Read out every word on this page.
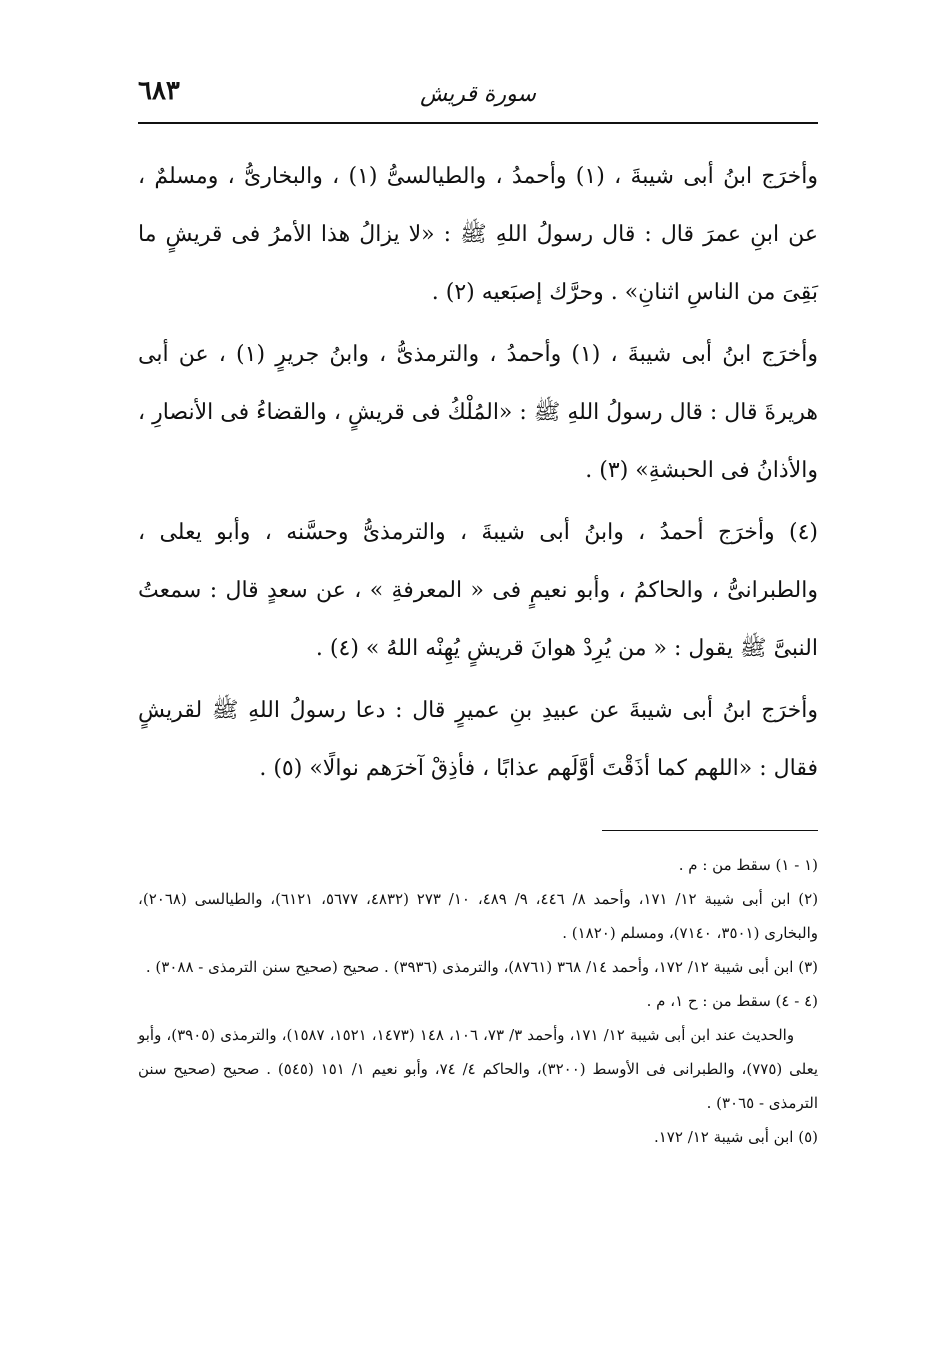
٦٨٣	سورة قريش

وأخرَج ابنُ أبى شيبةَ ، (١) وأحمدُ ، والطيالسىُّ (١) ، والبخارىُّ ، ومسلمٌ ، عن ابنِ عمرَ قال : قال رسولُ اللهِ ﷺ : «لا يزالُ هذا الأمرُ فى قريشٍ ما بَقِىَ من الناسِ اثنانِ» . وحرَّك إصبَعيه (٢) .

وأخرَج ابنُ أبى شيبةَ ، (١) وأحمدُ ، والترمذىُّ ، وابنُ جريرٍ (١) ، عن أبى هريرةَ قال : قال رسولُ اللهِ ﷺ : «المُلْكُ فى قريشٍ ، والقضاءُ فى الأنصارِ ، والأذانُ فى الحبشةِ» (٣) .

(٤) وأخرَج أحمدُ ، وابنُ أبى شيبةَ ، والترمذىُّ وحسَّنه ، وأبو يعلى ، والطبرانىُّ ، والحاكمُ ، وأبو نعيمٍ فى « المعرفةِ » ، عن سعدٍ قال : سمعتُ النبىَّ ﷺ يقول : « من يُرِدْ هوانَ قريشٍ يُهِنْه اللهُ » (٤) .

وأخرَج ابنُ أبى شيبةَ عن عبيدِ بنِ عميرٍ قال : دعا رسولُ اللهِ ﷺ لقريشٍ فقال : «اللهم كما أذَقْتَ أوَّلَهم عذابًا ، فأذِقْ آخرَهم نوالًا» (٥) .

(١ - ١) سقط من : م .

(٢) ابن أبى شيبة ١٢/ ١٧١، وأحمد ٨/ ٤٤٦، ٩/ ٤٨٩، ١٠/ ٢٧٣ (٤٨٣٢، ٥٦٧٧، ٦١٢١)، والطيالسى (٢٠٦٨)، والبخارى (٣٥٠١، ٧١٤٠)، ومسلم (١٨٢٠) .

(٣) ابن أبى شيبة ١٢/ ١٧٢، وأحمد ١٤/ ٣٦٨ (٨٧٦١)، والترمذى (٣٩٣٦) . صحيح (صحيح سنن الترمذى - ٣٠٨٨) .

(٤ - ٤) سقط من : ح ١، م .

والحديث عند ابن أبى شيبة ١٢/ ١٧١، وأحمد ٣/ ٧٣، ١٠٦، ١٤٨ (١٤٧٣، ١٥٢١، ١٥٨٧)، والترمذى (٣٩٠٥)، وأبو يعلى (٧٧٥)، والطبرانى فى الأوسط (٣٢٠٠)، والحاكم ٤/ ٧٤، وأبو نعيم ١/ ١٥١ (٥٤٥) . صحيح (صحيح سنن الترمذى - ٣٠٦٥) .

(٥) ابن أبى شيبة ١٢/ ١٧٢.
